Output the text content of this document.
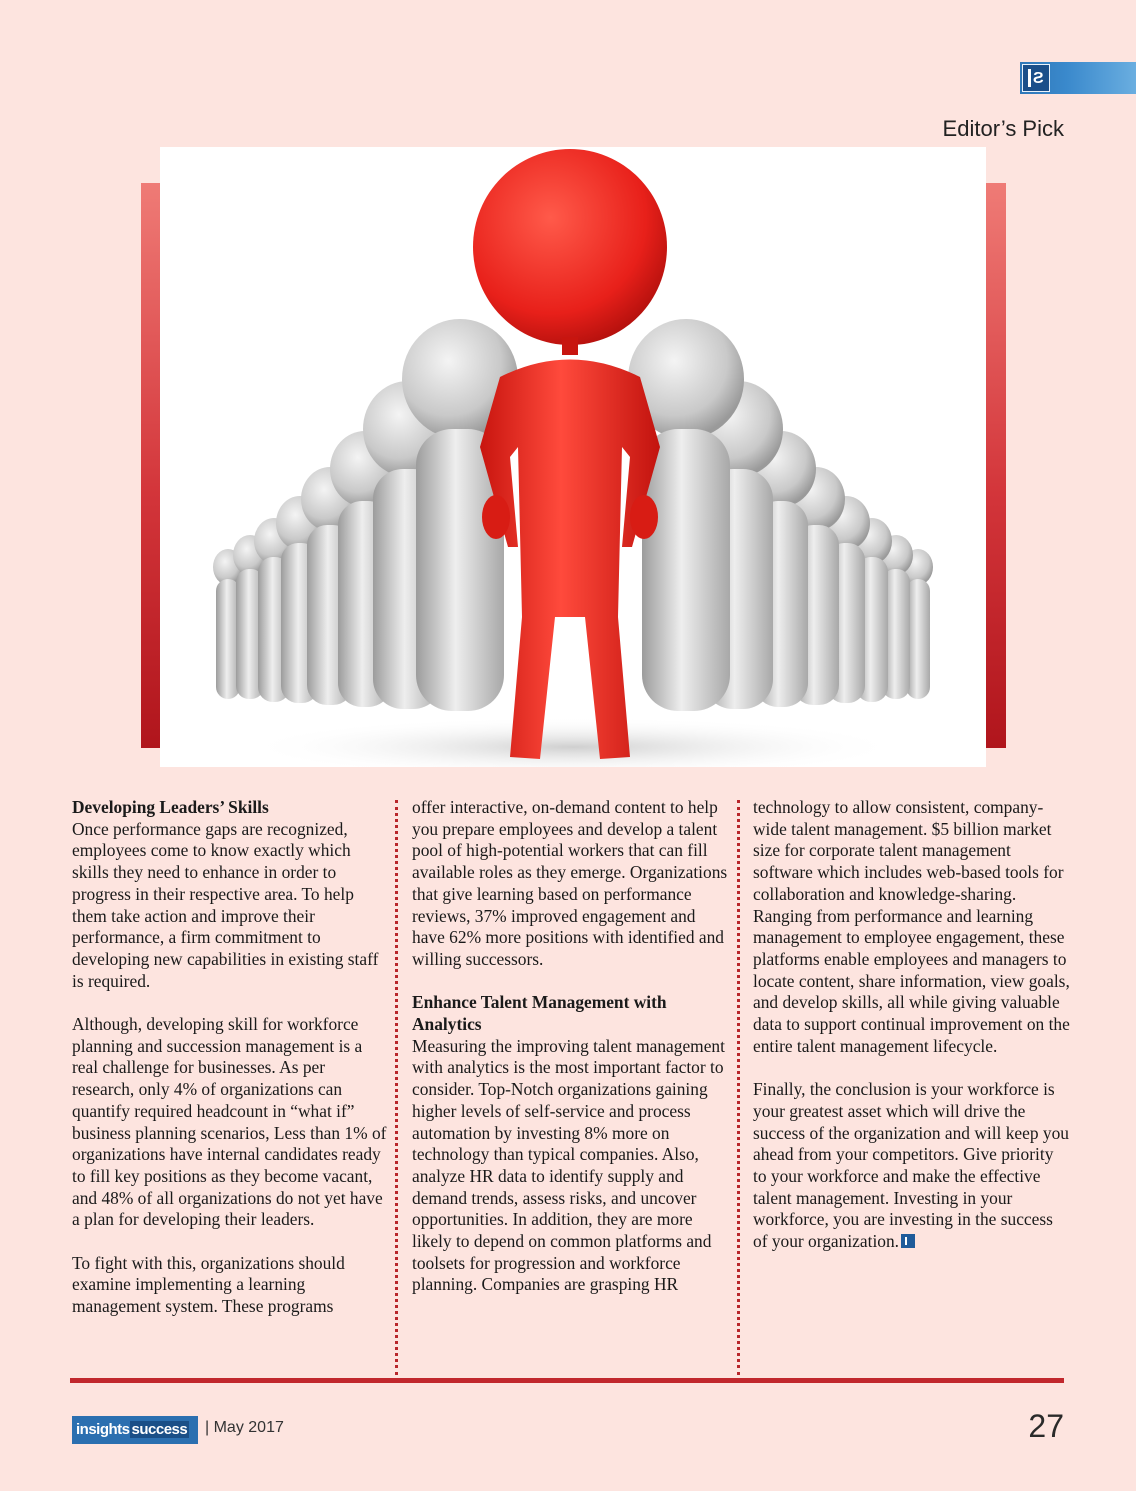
S
Editor’s Pick

Developing Leaders’ Skills
Once performance gaps are recognized, employees come to know exactly which skills they need to enhance in order to progress in their respective area. To help them take action and improve their performance, a firm commitment to developing new capabilities in existing staff is required.

Although, developing skill for workforce planning and succession management is a real challenge for businesses. As per research, only 4% of organizations can quantify required headcount in “what if” business planning scenarios, Less than 1% of organizations have internal candidates ready to fill key positions as they become vacant, and 48% of all organizations do not yet have a plan for developing their leaders.

To fight with this, organizations should examine implementing a learning management system. These programs

offer interactive, on-demand content to help you prepare employees and develop a talent pool of high-potential workers that can fill available roles as they emerge. Organizations that give learning based on performance reviews, 37% improved engagement and have 62% more positions with identified and willing successors.

Enhance Talent Management with Analytics
Measuring the improving talent management with analytics is the most important factor to consider. Top-Notch organizations gaining higher levels of self-service and process automation by investing 8% more on technology than typical companies. Also, analyze HR data to identify supply and demand trends, assess risks, and uncover opportunities. In addition, they are more likely to depend on common platforms and toolsets for progression and workforce planning. Companies are grasping HR

technology to allow consistent, company-wide talent management. $5 billion market size for corporate talent management software which includes web-based tools for collaboration and knowledge-sharing. Ranging from performance and learning management to employee engagement, these platforms enable employees and managers to locate content, share information, view goals, and develop skills, all while giving valuable data to support continual improvement on the entire talent management lifecycle.

Finally, the conclusion is your workforce is your greatest asset which will drive the success of the organization and will keep you ahead from your competitors. Give priority to your workforce and make the effective talent management. Investing in your workforce, you are investing in the success of your organization.

insights success	| May 2017	27
